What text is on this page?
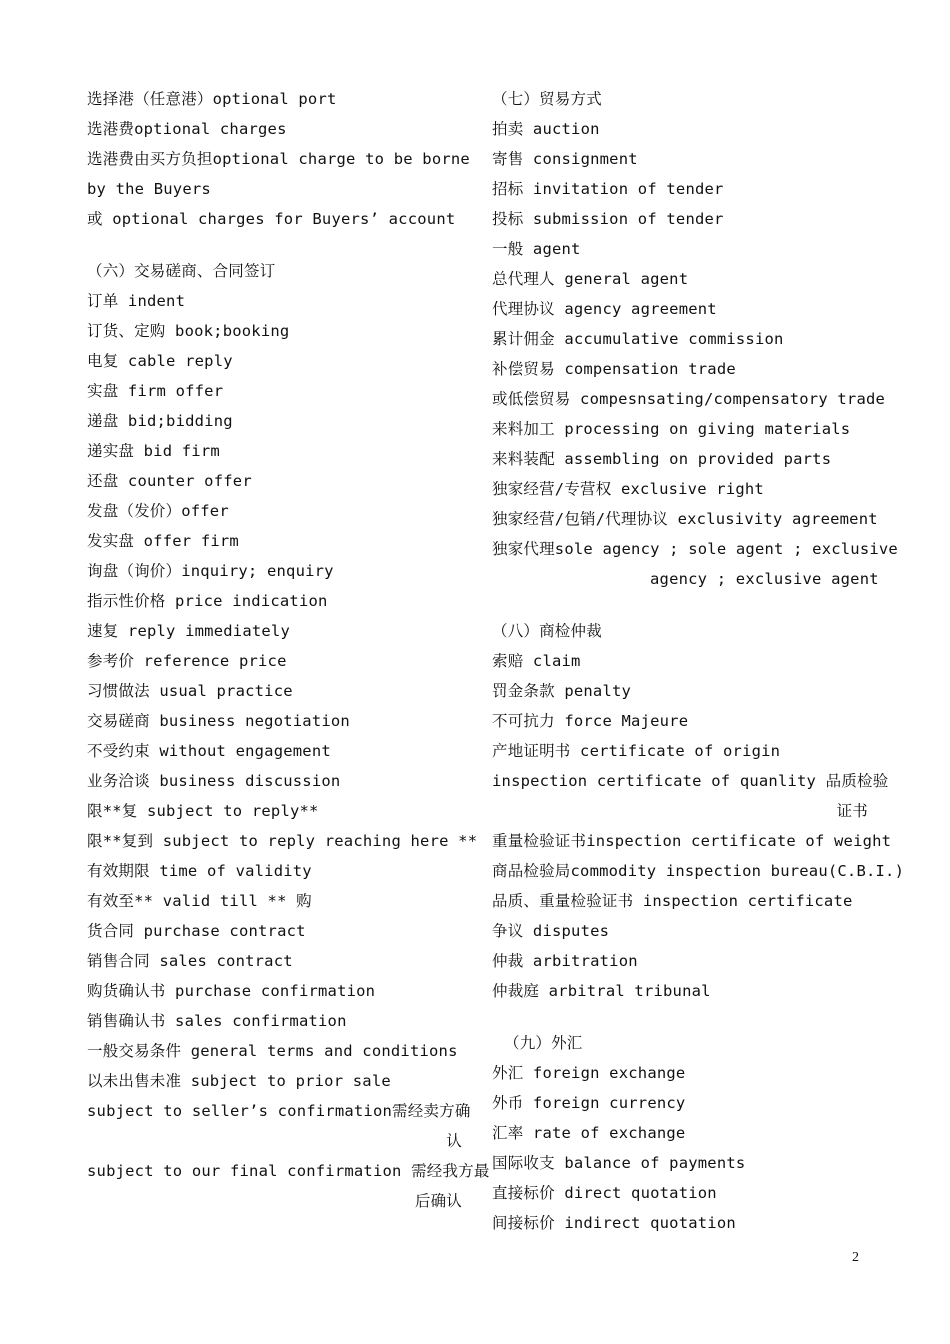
选择港（任意港）optional port
选港费optional charges
选港费由买方负担optional charge to be borne
by the Buyers
或 optional charges for Buyers’ account
（六）交易磋商、合同签订
订单 indent
订货、定购 book;booking
电复 cable reply
实盘 firm offer
递盘 bid;bidding
递实盘 bid firm
还盘 counter offer
发盘（发价）offer
发实盘 offer firm
询盘（询价）inquiry; enquiry
指示性价格 price indication
速复 reply immediately
参考价 reference price
习惯做法 usual practice
交易磋商 business negotiation
不受约束 without engagement
业务洽谈 business discussion
限**复 subject to reply**
限**复到 subject to reply reaching here **
有效期限 time of validity
有效至** valid till ** 购
货合同 purchase contract
销售合同 sales contract
购货确认书 purchase confirmation
销售确认书 sales confirmation
一般交易条件 general terms and conditions
以未出售未准 subject to prior sale
subject to seller’s confirmation需经卖方确
认
subject to our final confirmation 需经我方最
后确认
（七）贸易方式
拍卖 auction
寄售 consignment
招标 invitation of tender
投标 submission of tender
一般 agent
总代理人 general agent
代理协议 agency agreement
累计佣金 accumulative commission
补偿贸易 compensation trade
或低偿贸易 compesnsating/compensatory trade
来料加工 processing on giving materials
来料装配 assembling on provided parts
独家经营/专营权 exclusive right
独家经营/包销/代理协议 exclusivity agreement
独家代理sole agency ; sole agent ; exclusive
agency ; exclusive agent
（八）商检仲裁
索赔 claim
罚金条款 penalty
不可抗力 force Majeure
产地证明书 certificate of origin
inspection certificate of quanlity 品质检验
证书
重量检验证书inspection certificate of weight
商品检验局commodity inspection bureau(C.B.I.)
品质、重量检验证书 inspection certificate
争议 disputes
仲裁 arbitration
仲裁庭 arbitral tribunal
（九）外汇
外汇 foreign exchange
外币 foreign currency
汇率 rate of exchange
国际收支 balance of payments
直接标价 direct quotation
间接标价 indirect quotation
2
